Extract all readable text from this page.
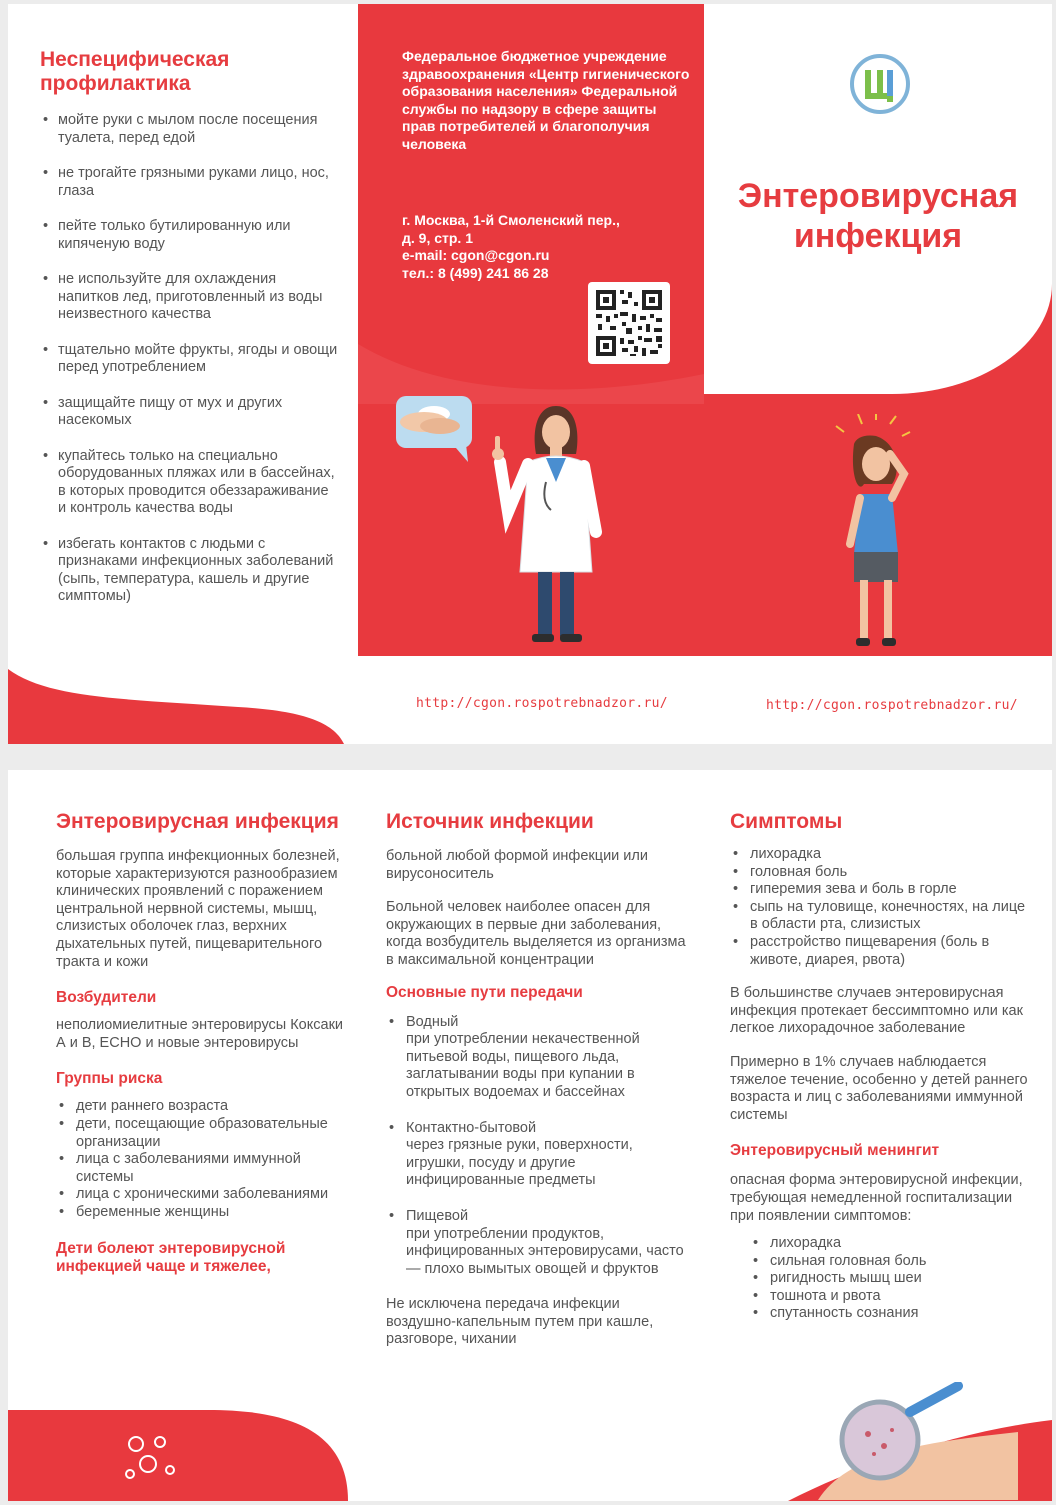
Неспецифическая профилактика
• мойте руки с мылом после посещения туалета, перед едой
• не трогайте грязными руками лицо, нос, глаза
• пейте только бутилированную или кипяченую воду
• не используйте для охлаждения напитков лед, приготовленный из воды неизвестного качества
• тщательно мойте фрукты, ягоды и овощи перед употреблением
• защищайте пищу от мух и других насекомых
• купайтесь только на специально оборудованных пляжах или в бассейнах, в которых проводится обеззараживание и контроль качества воды
• избегать контактов с людьми с признаками инфекционных заболеваний (сыпь, температура, кашель и другие симптомы)
Федеральное бюджетное учреждение здравоохранения «Центр гигиенического образования населения» Федеральной службы по надзору в сфере защиты прав потребителей и благополучия человека
г. Москва, 1-й Смоленский пер.,
д. 9, стр. 1
e-mail: cgon@cgon.ru
тел.: 8 (499) 241 86 28
Энтеровирусная
инфекция
http://cgon.rospotrebnadzor.ru/	http://cgon.rospotrebnadzor.ru/
Энтеровирусная инфекция

большая группа инфекционных болезней, которые характеризуются разнообразием клинических проявлений с поражением центральной нервной системы, мышц, слизистых оболочек глаз, верхних дыхательных путей, пищеварительного тракта и кожи

Возбудители

неполиомиелитные энтеровирусы Коксаки А и В, ECHO и новые энтеровирусы

Группы риска
• дети раннего возраста
• дети, посещающие образовательные организации
• лица с заболеваниями иммунной системы
• лица с хроническими заболеваниями
• беременные женщины
Дети болеют энтеровирусной инфекцией чаще и тяжелее,
Источник инфекции

больной любой формой инфекции или вирусоноситель

Больной человек наиболее опасен для окружающих в первые дни заболевания, когда возбудитель выделяется из организма в максимальной концентрации

Основные пути передачи
• Водный
при употреблении некачественной питьевой воды, пищевого льда, заглатывании воды при купании в открытых водоемах и бассейнах
• Контактно-бытовой
через грязные руки, поверхности, игрушки, посуду и другие инфицированные предметы
• Пищевой
при употреблении продуктов, инфицированных энтеровирусами, часто — плохо вымытых овощей и фруктов

Не исключена передача инфекции воздушно-капельным путем при кашле, разговоре, чихании

Симптомы
• лихорадка
• головная боль
• гиперемия зева и боль в горле
• сыпь на туловище, конечностях, на лице в области рта, слизистых
• расстройство пищеварения (боль в животе, диарея, рвота)

В большинстве случаев энтеровирусная инфекция протекает бессимптомно или как легкое лихорадочное заболевание

Примерно в 1% случаев наблюдается тяжелое течение, особенно у детей раннего возраста и лиц с заболеваниями иммунной системы

Энтеровирусный менингит

опасная форма энтеровирусной инфекции, требующая немедленной госпитализации при появлении симптомов:

• лихорадка
• сильная головная боль
• ригидность мышц шеи
• тошнота и рвота
• спутанность сознания
